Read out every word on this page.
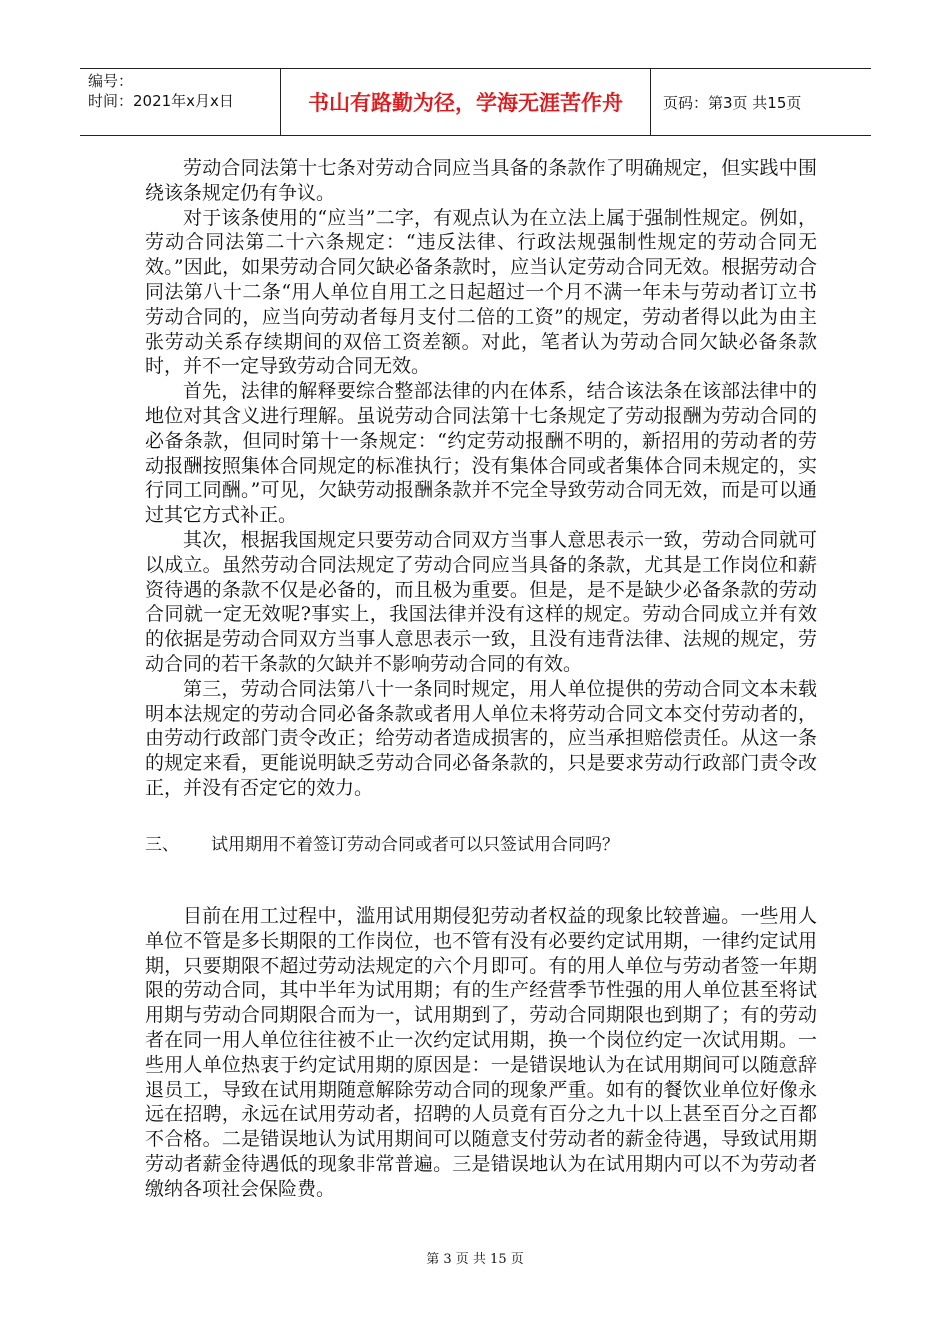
编号：
时间：2021年x月x日	书山有路勤为径，学海无涯苦作舟	页码：第3页 共15页

劳动合同法第十七条对劳动合同应当具备的条款作了明确规定，但实践中围绕该条规定仍有争议。

对于该条使用的“应当”二字，有观点认为在立法上属于强制性规定。例如，劳动合同法第二十六条规定：“违反法律、行政法规强制性规定的劳动合同无效。”因此，如果劳动合同欠缺必备条款时，应当认定劳动合同无效。根据劳动合同法第八十二条“用人单位自用工之日起超过一个月不满一年未与劳动者订立书劳动合同的，应当向劳动者每月支付二倍的工资”的规定，劳动者得以此为由主张劳动关系存续期间的双倍工资差额。对此，笔者认为劳动合同欠缺必备条款时，并不一定导致劳动合同无效。

首先，法律的解释要综合整部法律的内在体系，结合该法条在该部法律中的地位对其含义进行理解。虽说劳动合同法第十七条规定了劳动报酬为劳动合同的必备条款，但同时第十一条规定：“约定劳动报酬不明的，新招用的劳动者的劳动报酬按照集体合同规定的标准执行；没有集体合同或者集体合同未规定的，实行同工同酬。”可见，欠缺劳动报酬条款并不完全导致劳动合同无效，而是可以通过其它方式补正。

其次，根据我国规定只要劳动合同双方当事人意思表示一致，劳动合同就可以成立。虽然劳动合同法规定了劳动合同应当具备的条款，尤其是工作岗位和薪资待遇的条款不仅是必备的，而且极为重要。但是，是不是缺少必备条款的劳动合同就一定无效呢?事实上，我国法律并没有这样的规定。劳动合同成立并有效的依据是劳动合同双方当事人意思表示一致，且没有违背法律、法规的规定，劳动合同的若干条款的欠缺并不影响劳动合同的有效。

第三，劳动合同法第八十一条同时规定，用人单位提供的劳动合同文本未载明本法规定的劳动合同必备条款或者用人单位未将劳动合同文本交付劳动者的，由劳动行政部门责令改正；给劳动者造成损害的，应当承担赔偿责任。从这一条的规定来看，更能说明缺乏劳动合同必备条款的，只是要求劳动行政部门责令改正，并没有否定它的效力。

三、	试用期用不着签订劳动合同或者可以只签试用合同吗？

目前在用工过程中，滥用试用期侵犯劳动者权益的现象比较普遍。一些用人单位不管是多长期限的工作岗位，也不管有没有必要约定试用期，一律约定试用期，只要期限不超过劳动法规定的六个月即可。有的用人单位与劳动者签一年期限的劳动合同，其中半年为试用期；有的生产经营季节性强的用人单位甚至将试用期与劳动合同期限合而为一，试用期到了，劳动合同期限也到期了；有的劳动者在同一用人单位往往被不止一次约定试用期，换一个岗位约定一次试用期。一些用人单位热衷于约定试用期的原因是：一是错误地认为在试用期间可以随意辞退员工，导致在试用期随意解除劳动合同的现象严重。如有的餐饮业单位好像永远在招聘，永远在试用劳动者，招聘的人员竟有百分之九十以上甚至百分之百都不合格。二是错误地认为试用期间可以随意支付劳动者的薪金待遇，导致试用期劳动者薪金待遇低的现象非常普遍。三是错误地认为在试用期内可以不为劳动者缴纳各项社会保险费。

第 3 页 共 15 页
